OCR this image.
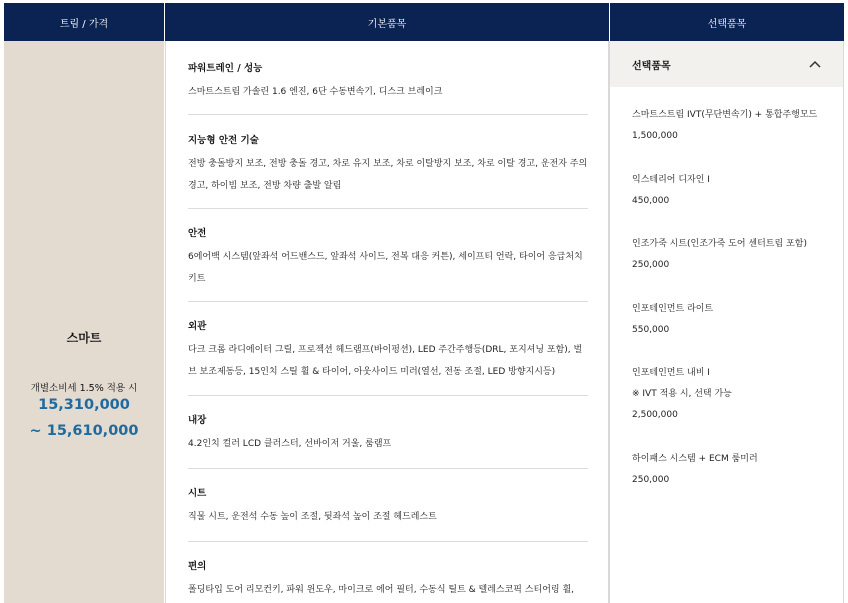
트림 / 가격	기본품목	선택품목
스마트
개별소비세 1.5% 적용 시
15,310,000
~ 15,610,000
파워트레인 / 성능
스마트스트림 가솔린 1.6 엔진, 6단 수동변속기, 디스크 브레이크
지능형 안전 기술
전방 충돌방지 보조, 전방 충돌 경고, 차로 유지 보조, 차로 이탈방지 보조, 차로 이탈 경고, 운전자 주의 경고, 하이빔 보조, 전방 차량 출발 알림
안전
6에어백 시스템(앞좌석 어드밴스드, 앞좌석 사이드, 전복 대응 커튼), 세이프티 언락, 타이어 응급처치 키트
외관
다크 크롬 라디에이터 그릴, 프로젝션 헤드램프(바이펑션), LED 주간주행등(DRL, 포지셔닝 포함), 벌브 보조제동등, 15인치 스틸 휠 & 타이어, 아웃사이드 미러(열선, 전동 조절, LED 방향지시등)
내장
4.2인치 컬러 LCD 클러스터, 선바이저 거울, 룸램프
시트
직물 시트, 운전석 수동 높이 조절, 뒷좌석 높이 조절 헤드레스트
편의
폴딩타입 도어 리모컨키, 파워 윈도우, 마이크로 에어 필터, 수동식 틸트 & 텔레스코픽 스티어링 휠,
선택품목
스마트스트림 IVT(무단변속기) + 통합주행모드
1,500,000
익스테리어 디자인 I
450,000
인조가죽 시트(인조가죽 도어 센터트림 포함)
250,000
인포테인먼트 라이트
550,000
인포테인먼트 내비 I
※ IVT 적용 시, 선택 가능
2,500,000
하이패스 시스템 + ECM 룸미러
250,000
